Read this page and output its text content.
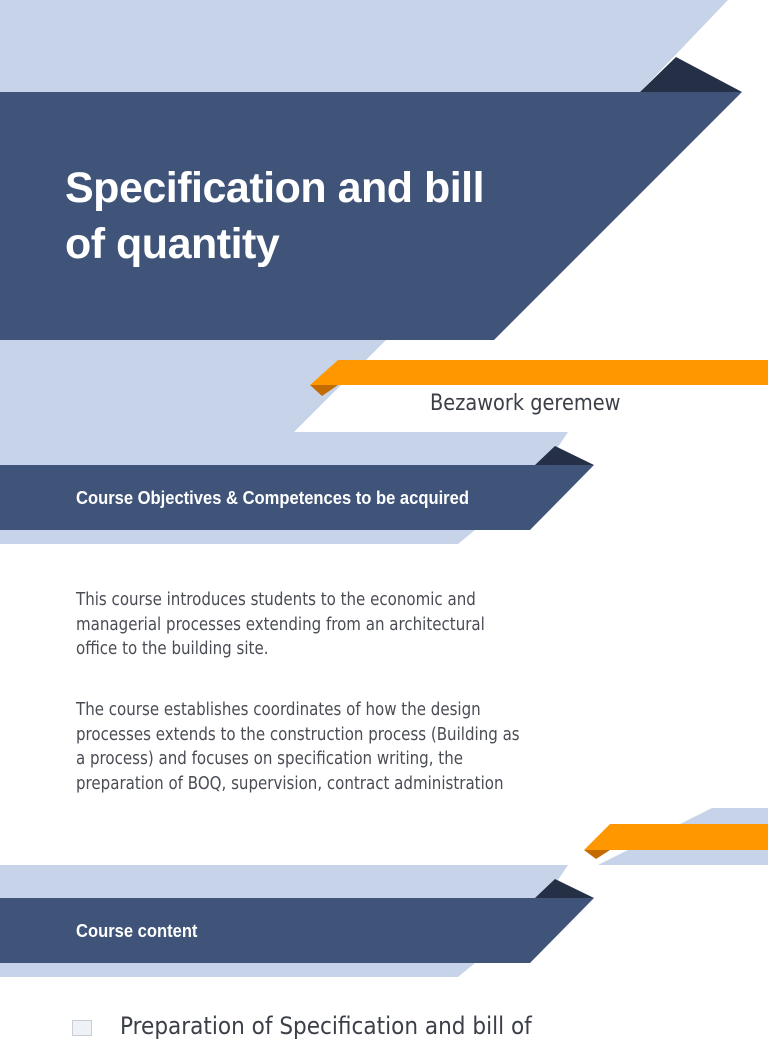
Specification and bill of quantity
Bezawork geremew
Course Objectives & Competences to be acquired

This course introduces students to the economic and managerial processes extending from an architectural office to the building site.

The course establishes coordinates of how the design processes extends to the construction process (Building as a process) and focuses on specification writing, the preparation of BOQ, supervision, contract administration

Course content
Preparation of Specification and bill of
